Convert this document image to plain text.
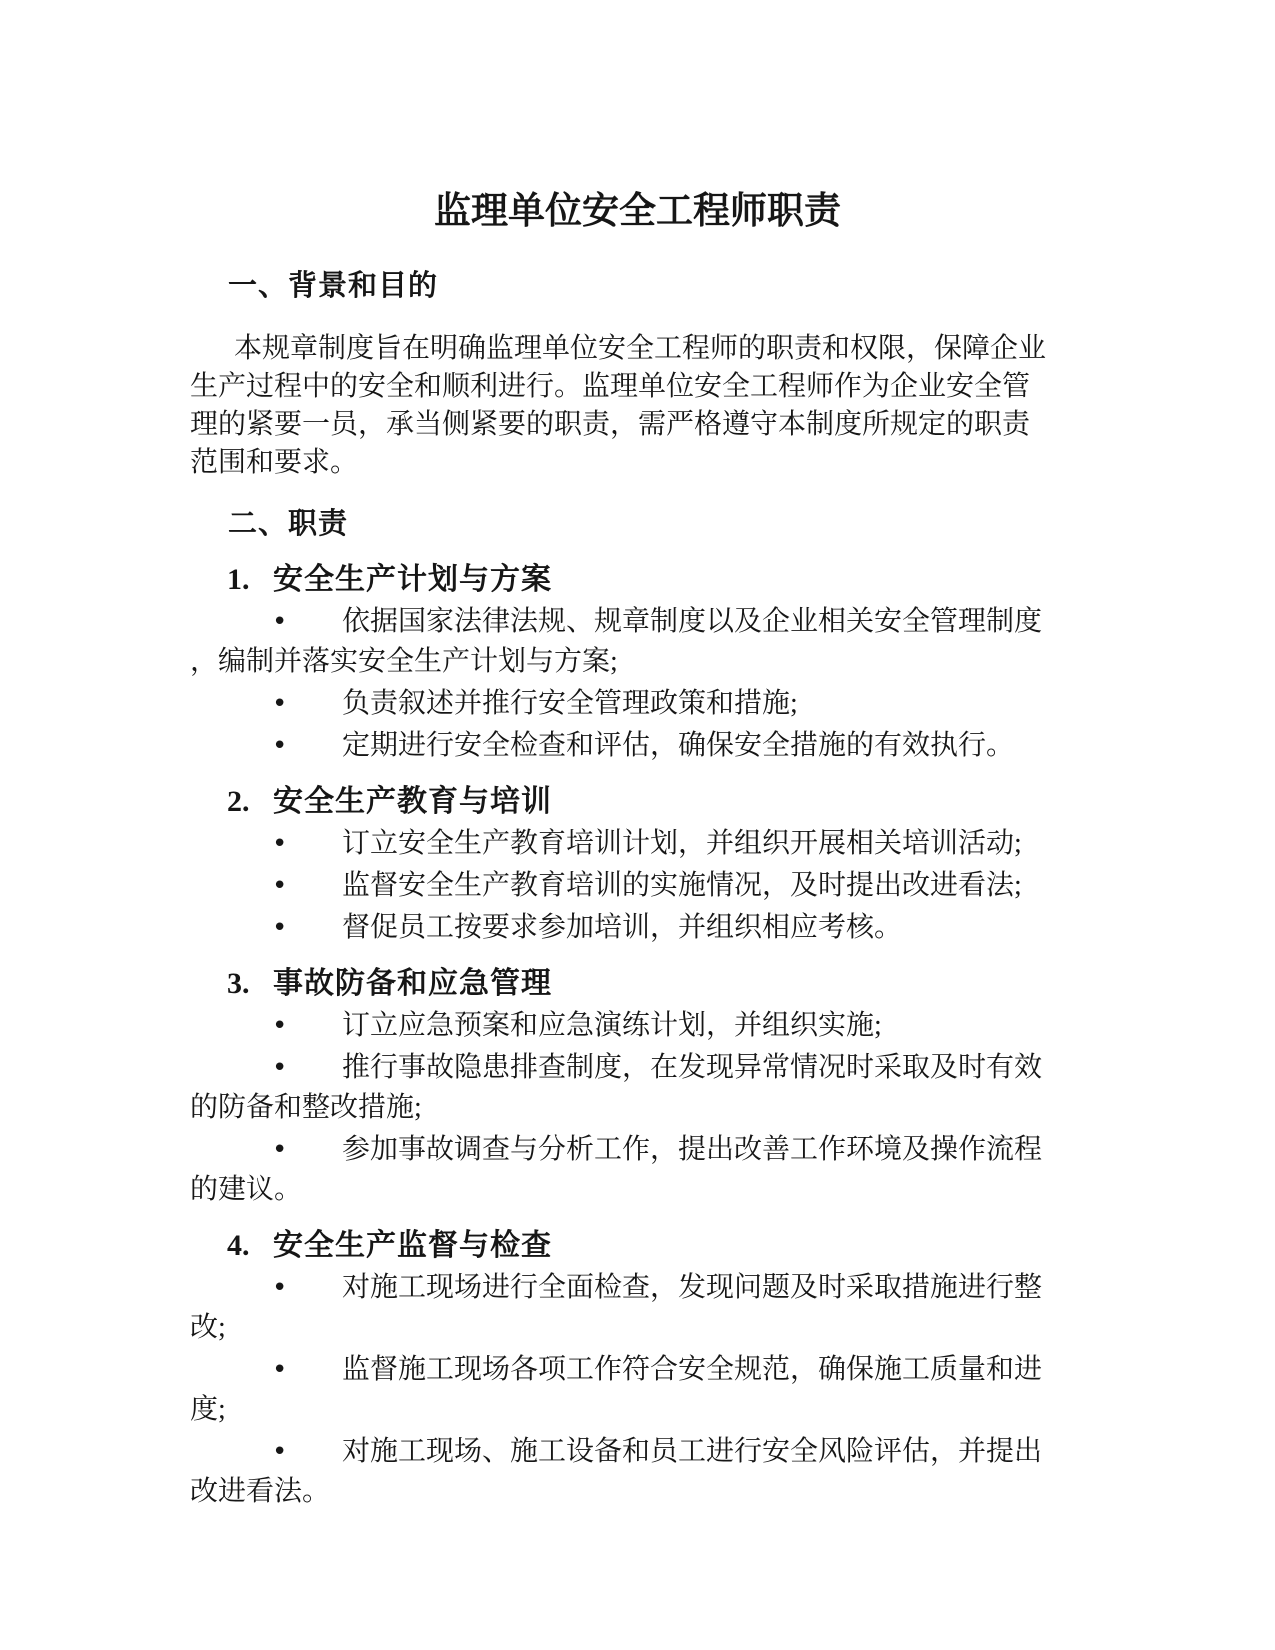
监理单位安全工程师职责
一、背景和目的
本规章制度旨在明确监理单位安全工程师的职责和权限，保障企业
生产过程中的安全和顺利进行。监理单位安全工程师作为企业安全管
理的紧要一员，承当侧紧要的职责，需严格遵守本制度所规定的职责
范围和要求。
二、职责
1. 安全生产计划与方案
• 依据国家法律法规、规章制度以及企业相关安全管理制度
，编制并落实安全生产计划与方案;
• 负责叙述并推行安全管理政策和措施;
• 定期进行安全检查和评估，确保安全措施的有效执行。
2. 安全生产教育与培训
• 订立安全生产教育培训计划，并组织开展相关培训活动;
• 监督安全生产教育培训的实施情况，及时提出改进看法;
• 督促员工按要求参加培训，并组织相应考核。
3. 事故防备和应急管理
• 订立应急预案和应急演练计划，并组织实施;
• 推行事故隐患排查制度，在发现异常情况时采取及时有效
的防备和整改措施;
• 参加事故调查与分析工作，提出改善工作环境及操作流程
的建议。
4. 安全生产监督与检查
• 对施工现场进行全面检查，发现问题及时采取措施进行整
改;
• 监督施工现场各项工作符合安全规范，确保施工质量和进
度;
• 对施工现场、施工设备和员工进行安全风险评估，并提出
改进看法。
